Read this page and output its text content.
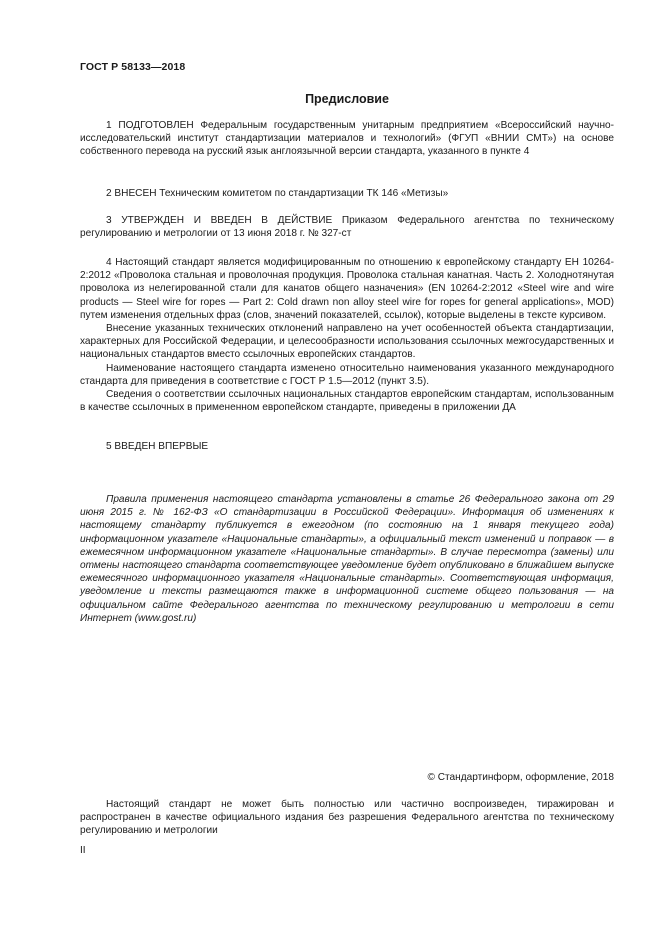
ГОСТ Р 58133—2018
Предисловие

1 ПОДГОТОВЛЕН Федеральным государственным унитарным предприятием «Всероссийский научно-исследовательский институт стандартизации материалов и технологий» (ФГУП «ВНИИ СМТ») на основе собственного перевода на русский язык англоязычной версии стандарта, указанного в пункте 4

2 ВНЕСЕН Техническим комитетом по стандартизации ТК 146 «Метизы»

3 УТВЕРЖДЕН И ВВЕДЕН В ДЕЙСТВИЕ Приказом Федерального агентства по техническому регулированию и метрологии от 13 июня 2018 г. № 327-ст

4 Настоящий стандарт является модифицированным по отношению к европейскому стандарту ЕН 10264-2:2012 «Проволока стальная и проволочная продукция. Проволока стальная канатная. Часть 2. Холоднотянутая проволока из нелегированной стали для канатов общего назначения» (EN 10264-2:2012 «Steel wire and wire products — Steel wire for ropes — Part 2: Cold drawn non alloy steel wire for ropes for general applications», MOD) путем изменения отдельных фраз (слов, значений показателей, ссылок), которые выделены в тексте курсивом.

Внесение указанных технических отклонений направлено на учет особенностей объекта стандартизации, характерных для Российской Федерации, и целесообразности использования ссылочных межгосударственных и национальных стандартов вместо ссылочных европейских стандартов.

Наименование настоящего стандарта изменено относительно наименования указанного международного стандарта для приведения в соответствие с ГОСТ Р 1.5—2012 (пункт 3.5).

Сведения о соответствии ссылочных национальных стандартов европейским стандартам, использованным в качестве ссылочных в примененном европейском стандарте, приведены в приложении ДА

5 ВВЕДЕН ВПЕРВЫЕ

Правила применения настоящего стандарта установлены в статье 26 Федерального закона от 29 июня 2015 г. № 162-ФЗ «О стандартизации в Российской Федерации». Информация об изменениях к настоящему стандарту публикуется в ежегодном (по состоянию на 1 января текущего года) информационном указателе «Национальные стандарты», а официальный текст изменений и поправок — в ежемесячном информационном указателе «Национальные стандарты». В случае пересмотра (замены) или отмены настоящего стандарта соответствующее уведомление будет опубликовано в ближайшем выпуске ежемесячного информационного указателя «Национальные стандарты». Соответствующая информация, уведомление и тексты размещаются также в информационной системе общего пользования — на официальном сайте Федерального агентства по техническому регулированию и метрологии в сети Интернет (www.gost.ru)

© Стандартинформ, оформление, 2018

Настоящий стандарт не может быть полностью или частично воспроизведен, тиражирован и распространен в качестве официального издания без разрешения Федерального агентства по техническому регулированию и метрологии

II
